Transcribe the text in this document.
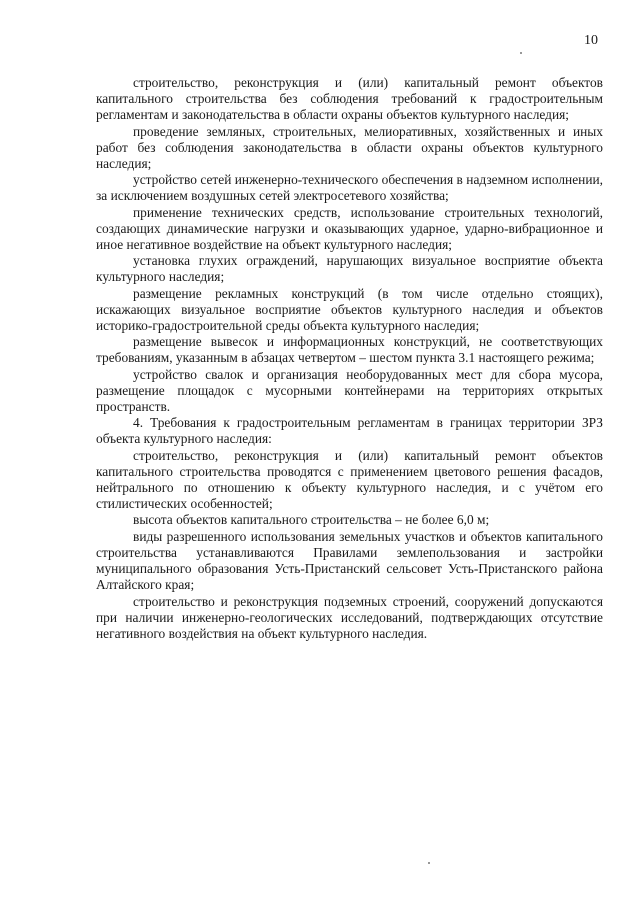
10

строительство, реконструкция и (или) капитальный ремонт объектов капитального строительства без соблюдения требований к градостроительным регламентам и законодательства в области охраны объектов культурного наследия;

проведение земляных, строительных, мелиоративных, хозяйственных и иных работ без соблюдения законодательства в области охраны объектов культурного наследия;

устройство сетей инженерно-технического обеспечения в надземном исполнении, за исключением воздушных сетей электросетевого хозяйства;

применение технических средств, использование строительных технологий, создающих динамические нагрузки и оказывающих ударное, ударно-вибрационное и иное негативное воздействие на объект культурного наследия;

установка глухих ограждений, нарушающих визуальное восприятие объекта культурного наследия;

размещение рекламных конструкций (в том числе отдельно стоящих), искажающих визуальное восприятие объектов культурного наследия и объектов историко-градостроительной среды объекта культурного наследия;

размещение вывесок и информационных конструкций, не соответствующих требованиям, указанным в абзацах четвертом – шестом пункта 3.1 настоящего режима;

устройство свалок и организация необорудованных мест для сбора мусора, размещение площадок с мусорными контейнерами на территориях открытых пространств.

4. Требования к градостроительным регламентам в границах территории ЗРЗ объекта культурного наследия:

строительство, реконструкция и (или) капитальный ремонт объектов капитального строительства проводятся с применением цветового решения фасадов, нейтрального по отношению к объекту культурного наследия, и с учётом его стилистических особенностей;

высота объектов капитального строительства – не более 6,0 м;

виды разрешенного использования земельных участков и объектов капитального строительства устанавливаются Правилами землепользования и застройки муниципального образования Усть-Пристанский сельсовет Усть-Пристанского района Алтайского края;

строительство и реконструкция подземных строений, сооружений допускаются при наличии инженерно-геологических исследований, подтверждающих отсутствие негативного воздействия на объект культурного наследия.
